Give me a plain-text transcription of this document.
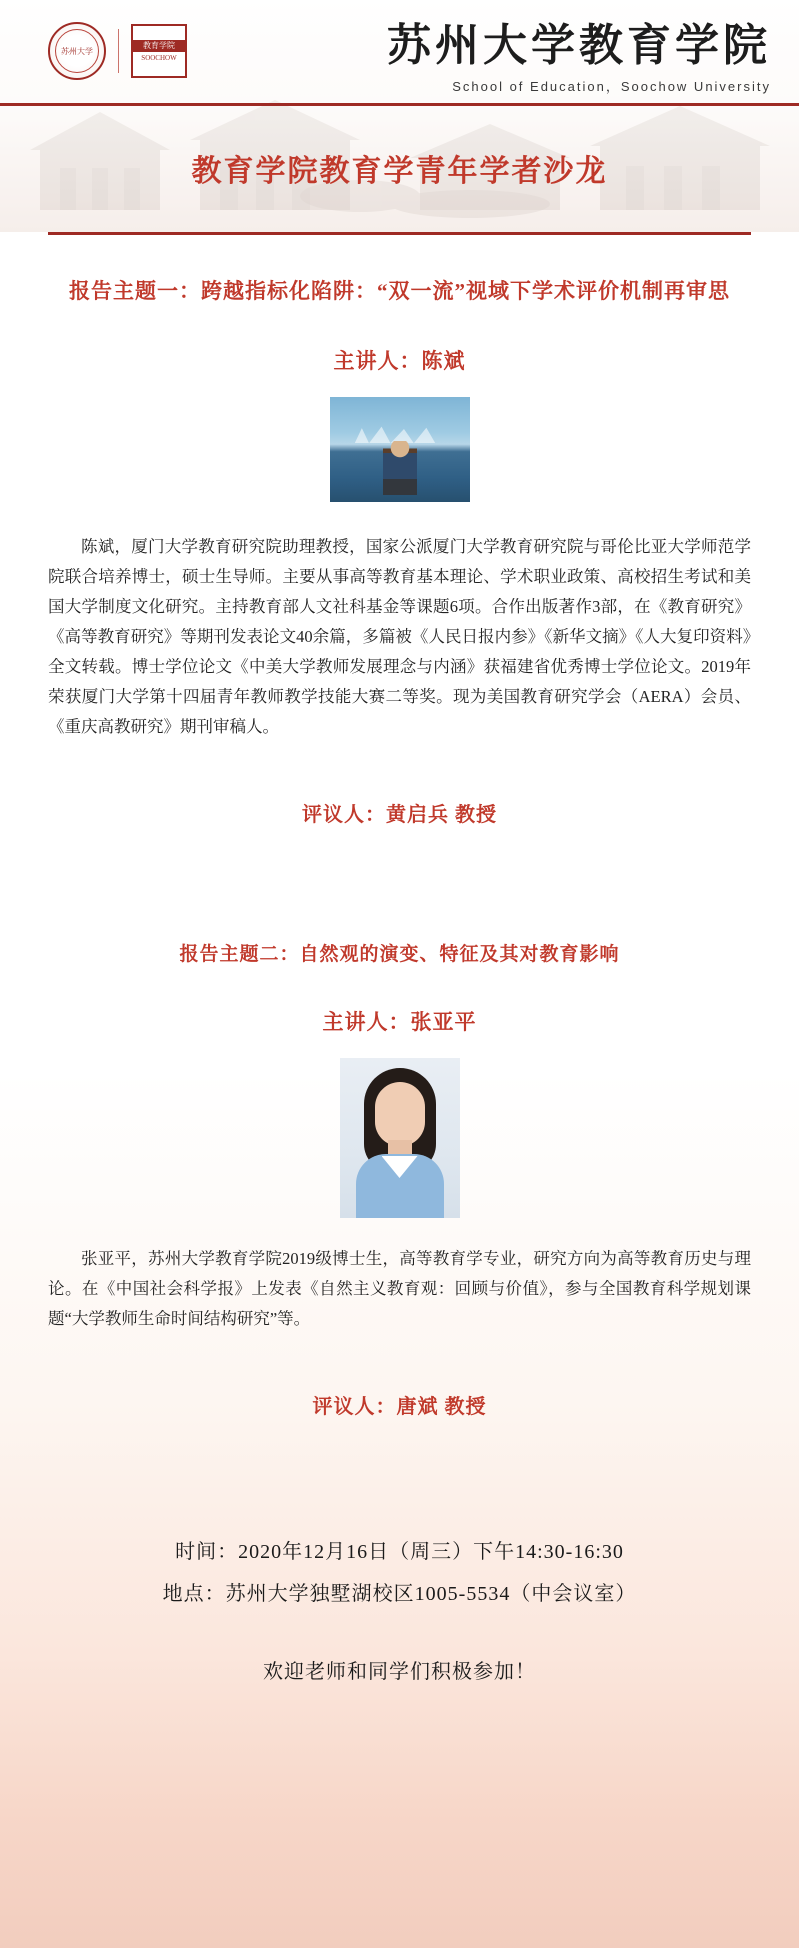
苏州大学
教育学院
SOOCHOW	苏州大学教育学院
School of Education，Soochow University
教育学院教育学青年学者沙龙
报告主题一：跨越指标化陷阱：“双一流”视域下学术评价机制再审思
主讲人：陈斌
陈斌，厦门大学教育研究院助理教授，国家公派厦门大学教育研究院与哥伦比亚大学师范学院联合培养博士，硕士生导师。主要从事高等教育基本理论、学术职业政策、高校招生考试和美国大学制度文化研究。主持教育部人文社科基金等课题6项。合作出版著作3部，在《教育研究》《高等教育研究》等期刊发表论文40余篇，多篇被《人民日报内参》《新华文摘》《人大复印资料》全文转载。博士学位论文《中美大学教师发展理念与内涵》获福建省优秀博士学位论文。2019年荣获厦门大学第十四届青年教师教学技能大赛二等奖。现为美国教育研究学会（AERA）会员、《重庆高教研究》期刊审稿人。
评议人：黄启兵 教授
报告主题二：自然观的演变、特征及其对教育影响
主讲人：张亚平
张亚平，苏州大学教育学院2019级博士生，高等教育学专业，研究方向为高等教育历史与理论。在《中国社会科学报》上发表《自然主义教育观：回顾与价值》，参与全国教育科学规划课题“大学教师生命时间结构研究”等。
评议人：唐斌 教授
时间：2020年12月16日（周三）下午14:30-16:30
地点：苏州大学独墅湖校区1005-5534（中会议室）
欢迎老师和同学们积极参加！
